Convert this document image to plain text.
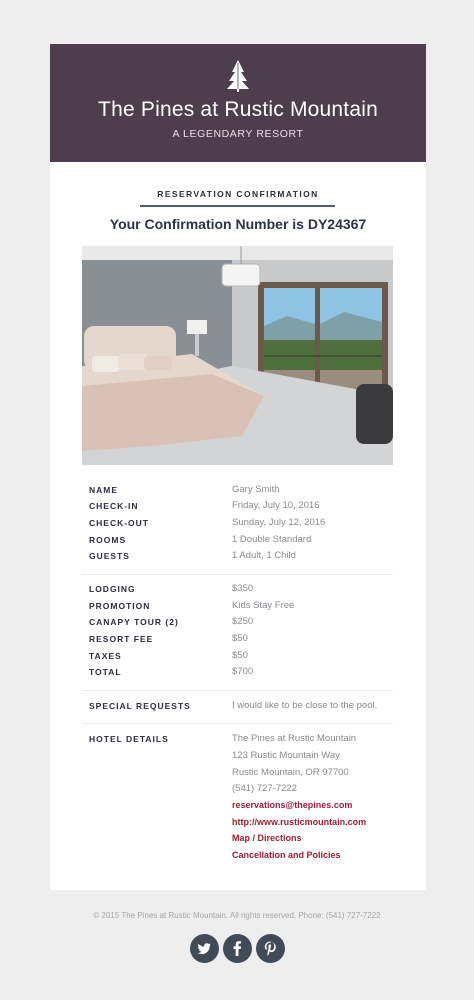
The Pines at Rustic Mountain
A LEGENDARY RESORT
RESERVATION CONFIRMATION
Your Confirmation Number is DY24367
NAME	Gary Smith
CHECK-IN	Friday, July 10, 2016
CHECK-OUT	Sunday, July 12, 2016
ROOMS	1 Double Standard
GUESTS	1 Adult, 1 Child
LODGING	$350
PROMOTION	Kids Stay Free
CANAPY TOUR (2)	$250
RESORT FEE	$50
TAXES	$50
TOTAL	$700
SPECIAL REQUESTS	I would like to be close to the pool.
HOTEL DETAILS	The Pines at Rustic Mountain
123 Rustic Mountain Way
Rustic Mountain, OR 97700
(541) 727-7222
reservations@thepines.com
http://www.rusticmountain.com
Map / Directions
Cancellation and Policies
© 2015 The Pines at Rustic Mountain. All rights reserved. Phone: (541) 727-7222
